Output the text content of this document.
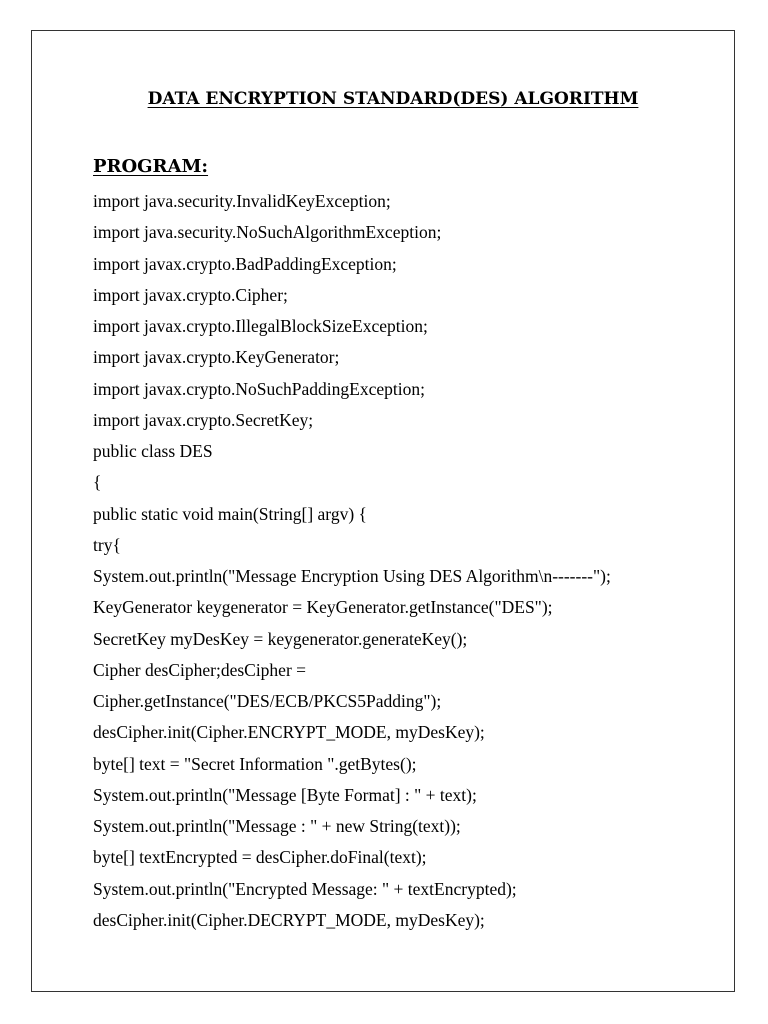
DATA ENCRYPTION STANDARD(DES) ALGORITHM
PROGRAM:
import java.security.InvalidKeyException;
import java.security.NoSuchAlgorithmException;
import javax.crypto.BadPaddingException;
import javax.crypto.Cipher;
import javax.crypto.IllegalBlockSizeException;
import javax.crypto.KeyGenerator;
import javax.crypto.NoSuchPaddingException;
import javax.crypto.SecretKey;
public class DES
{
public static void main(String[] argv) {
try{
System.out.println("Message Encryption Using DES Algorithm\n-------");
KeyGenerator keygenerator = KeyGenerator.getInstance("DES");
SecretKey myDesKey = keygenerator.generateKey();
Cipher desCipher;desCipher =
Cipher.getInstance("DES/ECB/PKCS5Padding");
desCipher.init(Cipher.ENCRYPT_MODE, myDesKey);
byte[] text = "Secret Information ".getBytes();
System.out.println("Message [Byte Format] : " + text);
System.out.println("Message : " + new String(text));
byte[] textEncrypted = desCipher.doFinal(text);
System.out.println("Encrypted Message: " + textEncrypted);
desCipher.init(Cipher.DECRYPT_MODE, myDesKey);
